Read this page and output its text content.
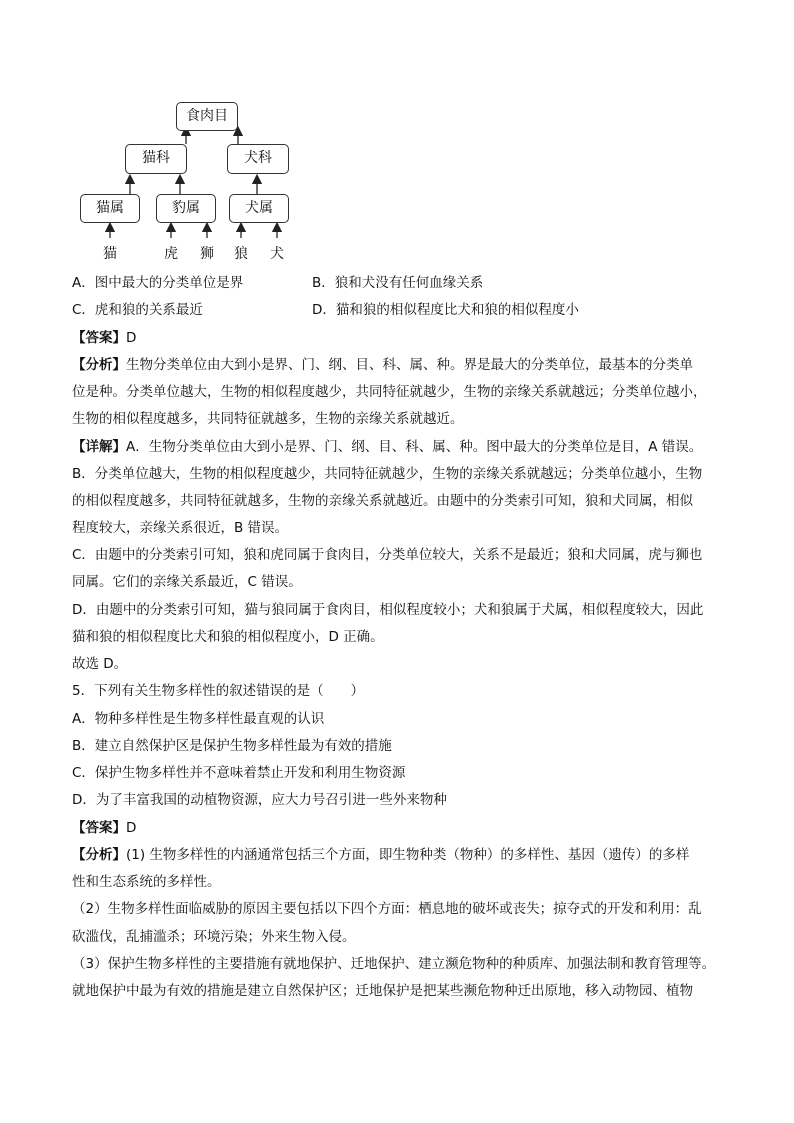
食肉目
猫科	犬科
猫属	豹属	犬属
猫	虎 狮 狼 犬
A．图中最大的分类单位是界	B．狼和犬没有任何血缘关系
C．虎和狼的关系最近	D．猫和狼的相似程度比犬和狼的相似程度小
【答案】D
【分析】生物分类单位由大到小是界、门、纲、目、科、属、种。界是最大的分类单位，最基本的分类单
位是种。分类单位越大，生物的相似程度越少，共同特征就越少，生物的亲缘关系就越远；分类单位越小，
生物的相似程度越多，共同特征就越多，生物的亲缘关系就越近。
【详解】A．生物分类单位由大到小是界、门、纲、目、科、属、种。图中最大的分类单位是目，A 错误。
B．分类单位越大，生物的相似程度越少，共同特征就越少，生物的亲缘关系就越远；分类单位越小，生物
的相似程度越多，共同特征就越多，生物的亲缘关系就越近。由题中的分类索引可知，狼和犬同属，相似
程度较大，亲缘关系很近，B 错误。
C．由题中的分类索引可知，狼和虎同属于食肉目，分类单位较大，关系不是最近；狼和犬同属，虎与狮也
同属。它们的亲缘关系最近，C 错误。
D．由题中的分类索引可知，猫与狼同属于食肉目，相似程度较小；犬和狼属于犬属，相似程度较大，因此
猫和狼的相似程度比犬和狼的相似程度小，D 正确。
故选 D。
5．下列有关生物多样性的叙述错误的是（　　）
A．物种多样性是生物多样性最直观的认识
B．建立自然保护区是保护生物多样性最为有效的措施
C．保护生物多样性并不意味着禁止开发和利用生物资源
D．为了丰富我国的动植物资源，应大力号召引进一些外来物种
【答案】D
【分析】(1) 生物多样性的内涵通常包括三个方面，即生物种类（物种）的多样性、基因（遗传）的多样
性和生态系统的多样性。
（2）生物多样性面临威胁的原因主要包括以下四个方面：栖息地的破坏或丧失；掠夺式的开发和利用：乱
砍滥伐，乱捕滥杀；环境污染；外来生物入侵。
（3）保护生物多样性的主要措施有就地保护、迁地保护、建立濒危物种的种质库、加强法制和教育管理等。
就地保护中最为有效的措施是建立自然保护区；迁地保护是把某些濒危物种迁出原地，移入动物园、植物
